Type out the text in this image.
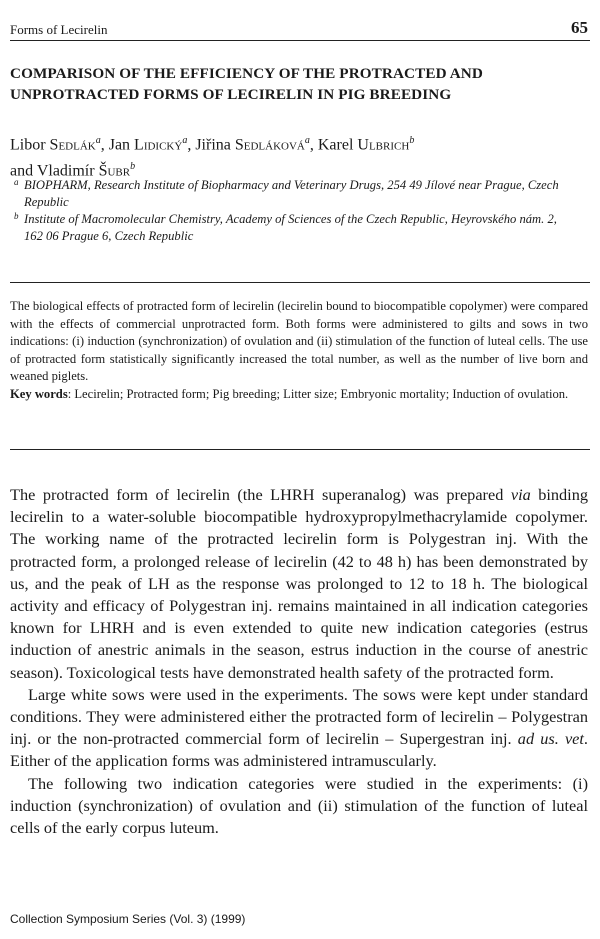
Forms of Lecirelin	65
COMPARISON OF THE EFFICIENCY OF THE PROTRACTED AND UNPROTRACTED FORMS OF LECIRELIN IN PIG BREEDING
Libor Sedlák$^a$, Jan Lidický$^a$, Jiřina Sedláková$^a$, Karel Ulbrich$^b$
and Vladimír Šubr$^b$
a BIOPHARM, Research Institute of Biopharmacy and Veterinary Drugs, 254 49 Jílové near Prague, Czech Republic
b Institute of Macromolecular Chemistry, Academy of Sciences of the Czech Republic, Heyrovského nám. 2, 162 06 Prague 6, Czech Republic

The biological effects of protracted form of lecirelin (lecirelin bound to biocompatible copolymer) were compared with the effects of commercial unprotracted form. Both forms were administered to gilts and sows in two indications: (i) induction (synchronization) of ovulation and (ii) stimulation of the function of luteal cells. The use of protracted form statistically significantly increased the total number, as well as the number of live born and weaned piglets.

Key words: Lecirelin; Protracted form; Pig breeding; Litter size; Embryonic mortality; Induction of ovulation.

The protracted form of lecirelin (the LHRH superanalog) was prepared via binding lecirelin to a water-soluble biocompatible hydroxypropylmethacrylamide copolymer. The working name of the protracted lecirelin form is Polygestran inj. With the protracted form, a prolonged release of lecirelin (42 to 48 h) has been demonstrated by us, and the peak of LH as the response was prolonged to 12 to 18 h. The biological activity and efficacy of Polygestran inj. remains maintained in all indication categories known for LHRH and is even extended to quite new indication categories (estrus induction of anestric animals in the season, estrus induction in the course of anestric season). Toxicological tests have demonstrated health safety of the protracted form.

Large white sows were used in the experiments. The sows were kept under standard conditions. They were administered either the protracted form of lecirelin – Polygestran inj. or the non-protracted commercial form of lecirelin – Supergestran inj. ad us. vet. Either of the application forms was administered intramuscularly.

The following two indication categories were studied in the experiments: (i) induction (synchronization) of ovulation and (ii) stimulation of the function of luteal cells of the early corpus luteum.

Collection Symposium Series (Vol. 3) (1999)
